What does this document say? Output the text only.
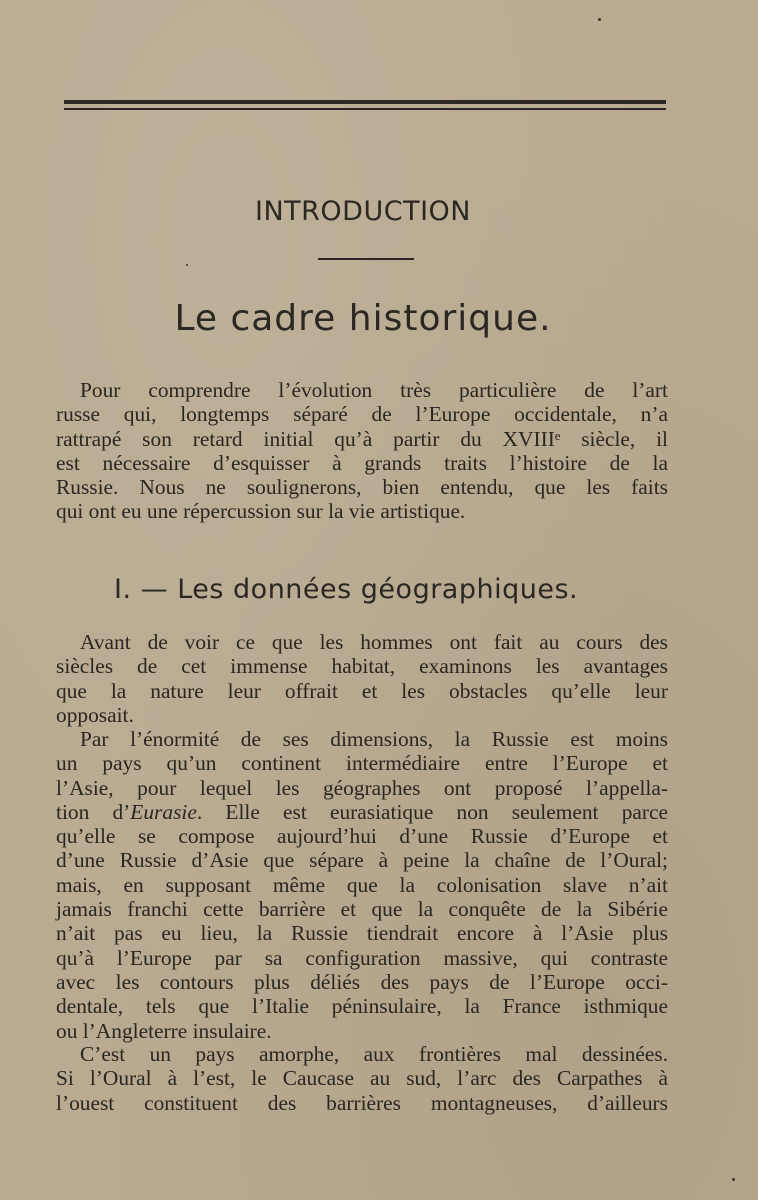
INTRODUCTION
Le cadre historique.
Pour comprendre l’évolution très particulière de l’art
russe qui, longtemps séparé de l’Europe occidentale, n’a
rattrapé son retard initial qu’à partir du XVIIIᵉ siècle, il
est nécessaire d’esquisser à grands traits l’histoire de la
Russie. Nous ne soulignerons, bien entendu, que les faits
qui ont eu une répercussion sur la vie artistique.
I. — Les données géographiques.
Avant de voir ce que les hommes ont fait au cours des
siècles de cet immense habitat, examinons les avantages
que la nature leur offrait et les obstacles qu’elle leur
opposait.
Par l’énormité de ses dimensions, la Russie est moins
un pays qu’un continent intermédiaire entre l’Europe et
l’Asie, pour lequel les géographes ont proposé l’appella-
tion d’Eurasie. Elle est eurasiatique non seulement parce
qu’elle se compose aujourd’hui d’une Russie d’Europe et
d’une Russie d’Asie que sépare à peine la chaîne de l’Oural;
mais, en supposant même que la colonisation slave n’ait
jamais franchi cette barrière et que la conquête de la Sibérie
n’ait pas eu lieu, la Russie tiendrait encore à l’Asie plus
qu’à l’Europe par sa configuration massive, qui contraste
avec les contours plus déliés des pays de l’Europe occi-
dentale, tels que l’Italie péninsulaire, la France isthmique
ou l’Angleterre insulaire.
C’est un pays amorphe, aux frontières mal dessinées.
Si l’Oural à l’est, le Caucase au sud, l’arc des Carpathes à
l’ouest constituent des barrières montagneuses, d’ailleurs
